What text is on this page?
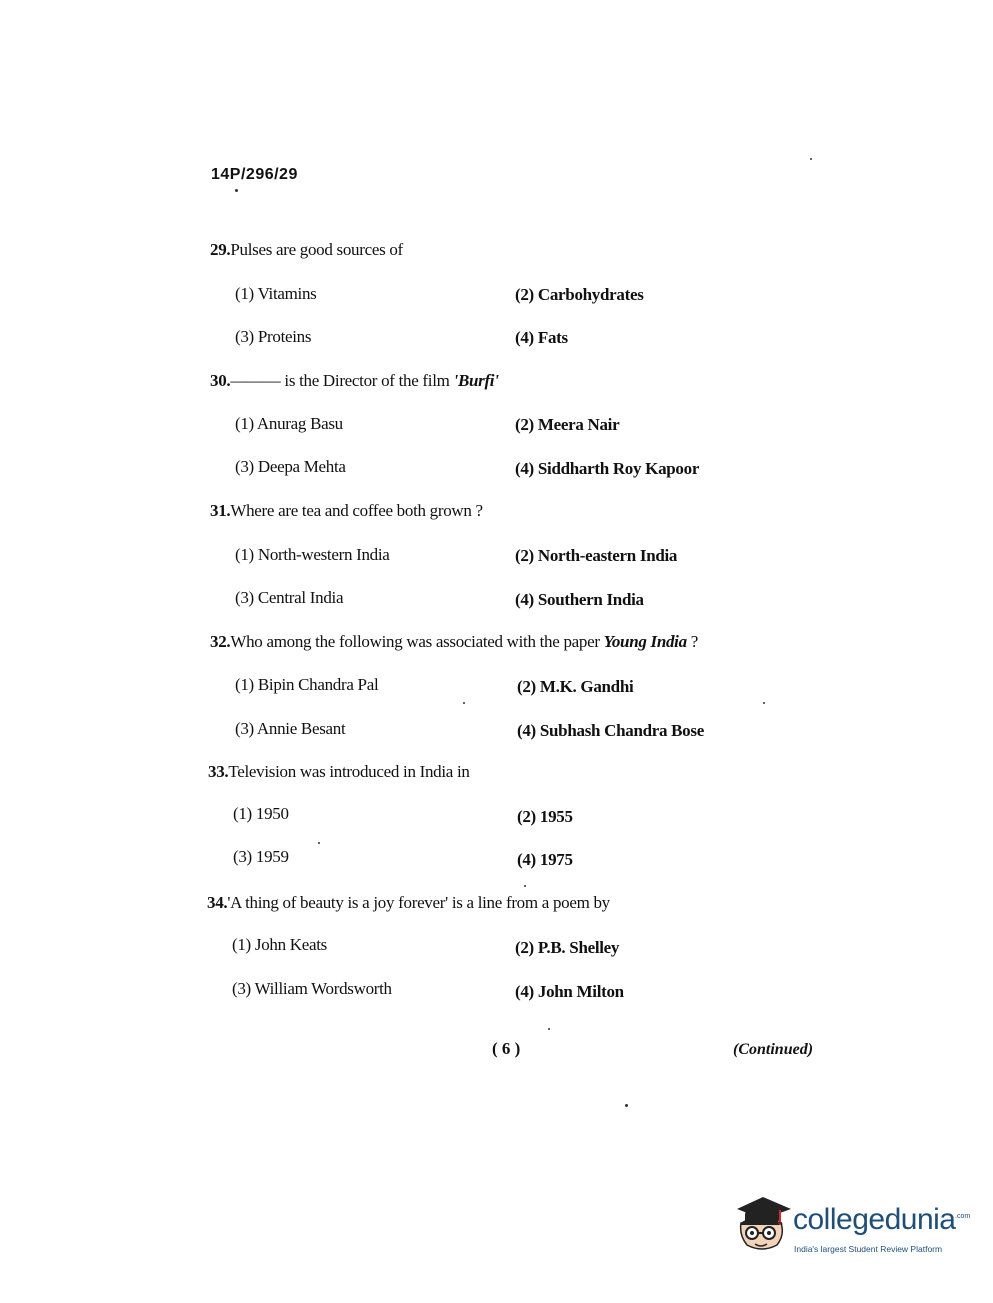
14P/296/29
29.Pulses are good sources of
(1) Vitamins	(2) Carbohydrates
(3) Proteins	(4) Fats
30.——— is the Director of the film 'Burfi'
(1) Anurag Basu	(2) Meera Nair
(3) Deepa Mehta	(4) Siddharth Roy Kapoor
31.Where are tea and coffee both grown ?
(1) North-western India	(2) North-eastern India
(3) Central India	(4) Southern India
32.Who among the following was associated with the paper Young India ?
(1) Bipin Chandra Pal	(2) M.K. Gandhi
(3) Annie Besant	(4) Subhash Chandra Bose
33.Television was introduced in India in
(1) 1950	(2) 1955
(3) 1959	(4) 1975
34.'A thing of beauty is a joy forever' is a line from a poem by
(1) John Keats	(2) P.B. Shelley
(3) William Wordsworth	(4) John Milton
( 6 )	(Continued)
collegedunia .com
India's largest Student Review Platform
